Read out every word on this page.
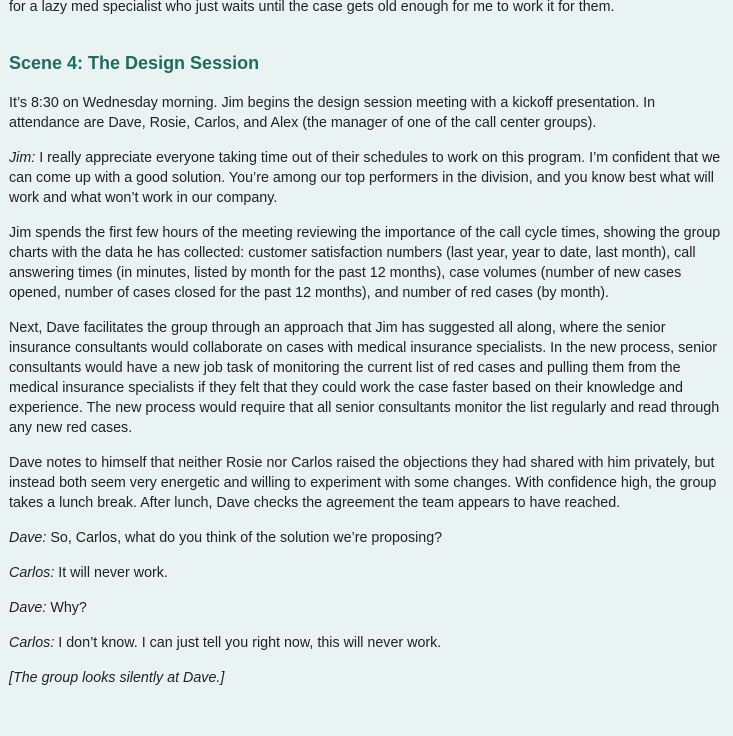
for a lazy med specialist who just waits until the case gets old enough for me to work it for them.

Scene 4: The Design Session

It’s 8:30 on Wednesday morning. Jim begins the design session meeting with a kickoff presentation. In attendance are Dave, Rosie, Carlos, and Alex (the manager of one of the call center groups).

Jim: I really appreciate everyone taking time out of their schedules to work on this program. I’m confident that we can come up with a good solution. You’re among our top performers in the division, and you know best what will work and what won’t work in our company.

Jim spends the first few hours of the meeting reviewing the importance of the call cycle times, showing the group charts with the data he has collected: customer satisfaction numbers (last year, year to date, last month), call answering times (in minutes, listed by month for the past 12 months), case volumes (number of new cases opened, number of cases closed for the past 12 months), and number of red cases (by month).

Next, Dave facilitates the group through an approach that Jim has suggested all along, where the senior insurance consultants would collaborate on cases with medical insurance specialists. In the new process, senior consultants would have a new job task of monitoring the current list of red cases and pulling them from the medical insurance specialists if they felt that they could work the case faster based on their knowledge and experience. The new process would require that all senior consultants monitor the list regularly and read through any new red cases.

Dave notes to himself that neither Rosie nor Carlos raised the objections they had shared with him privately, but instead both seem very energetic and willing to experiment with some changes. With confidence high, the group takes a lunch break. After lunch, Dave checks the agreement the team appears to have reached.

Dave: So, Carlos, what do you think of the solution we’re proposing?

Carlos: It will never work.

Dave: Why?

Carlos: I don’t know. I can just tell you right now, this will never work.

[The group looks silently at Dave.]
